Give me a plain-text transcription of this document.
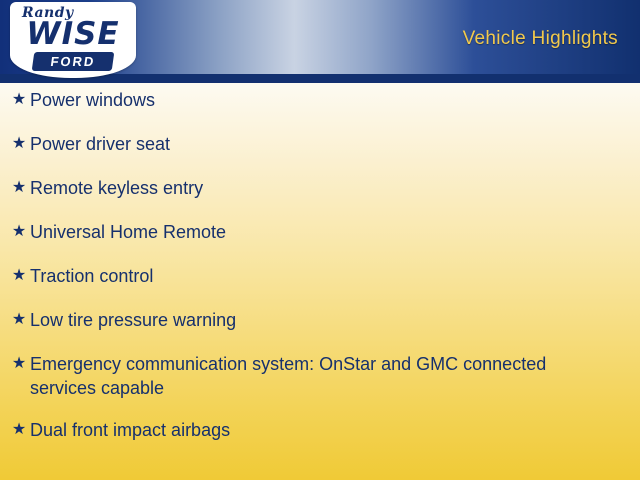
Vehicle Highlights
Randy
WISE
FORD
★ Power windows
★ Power driver seat
★ Remote keyless entry
★ Universal Home Remote
★ Traction control
★ Low tire pressure warning
★ Emergency communication system: OnStar and GMC connected services capable
★ Dual front impact airbags
